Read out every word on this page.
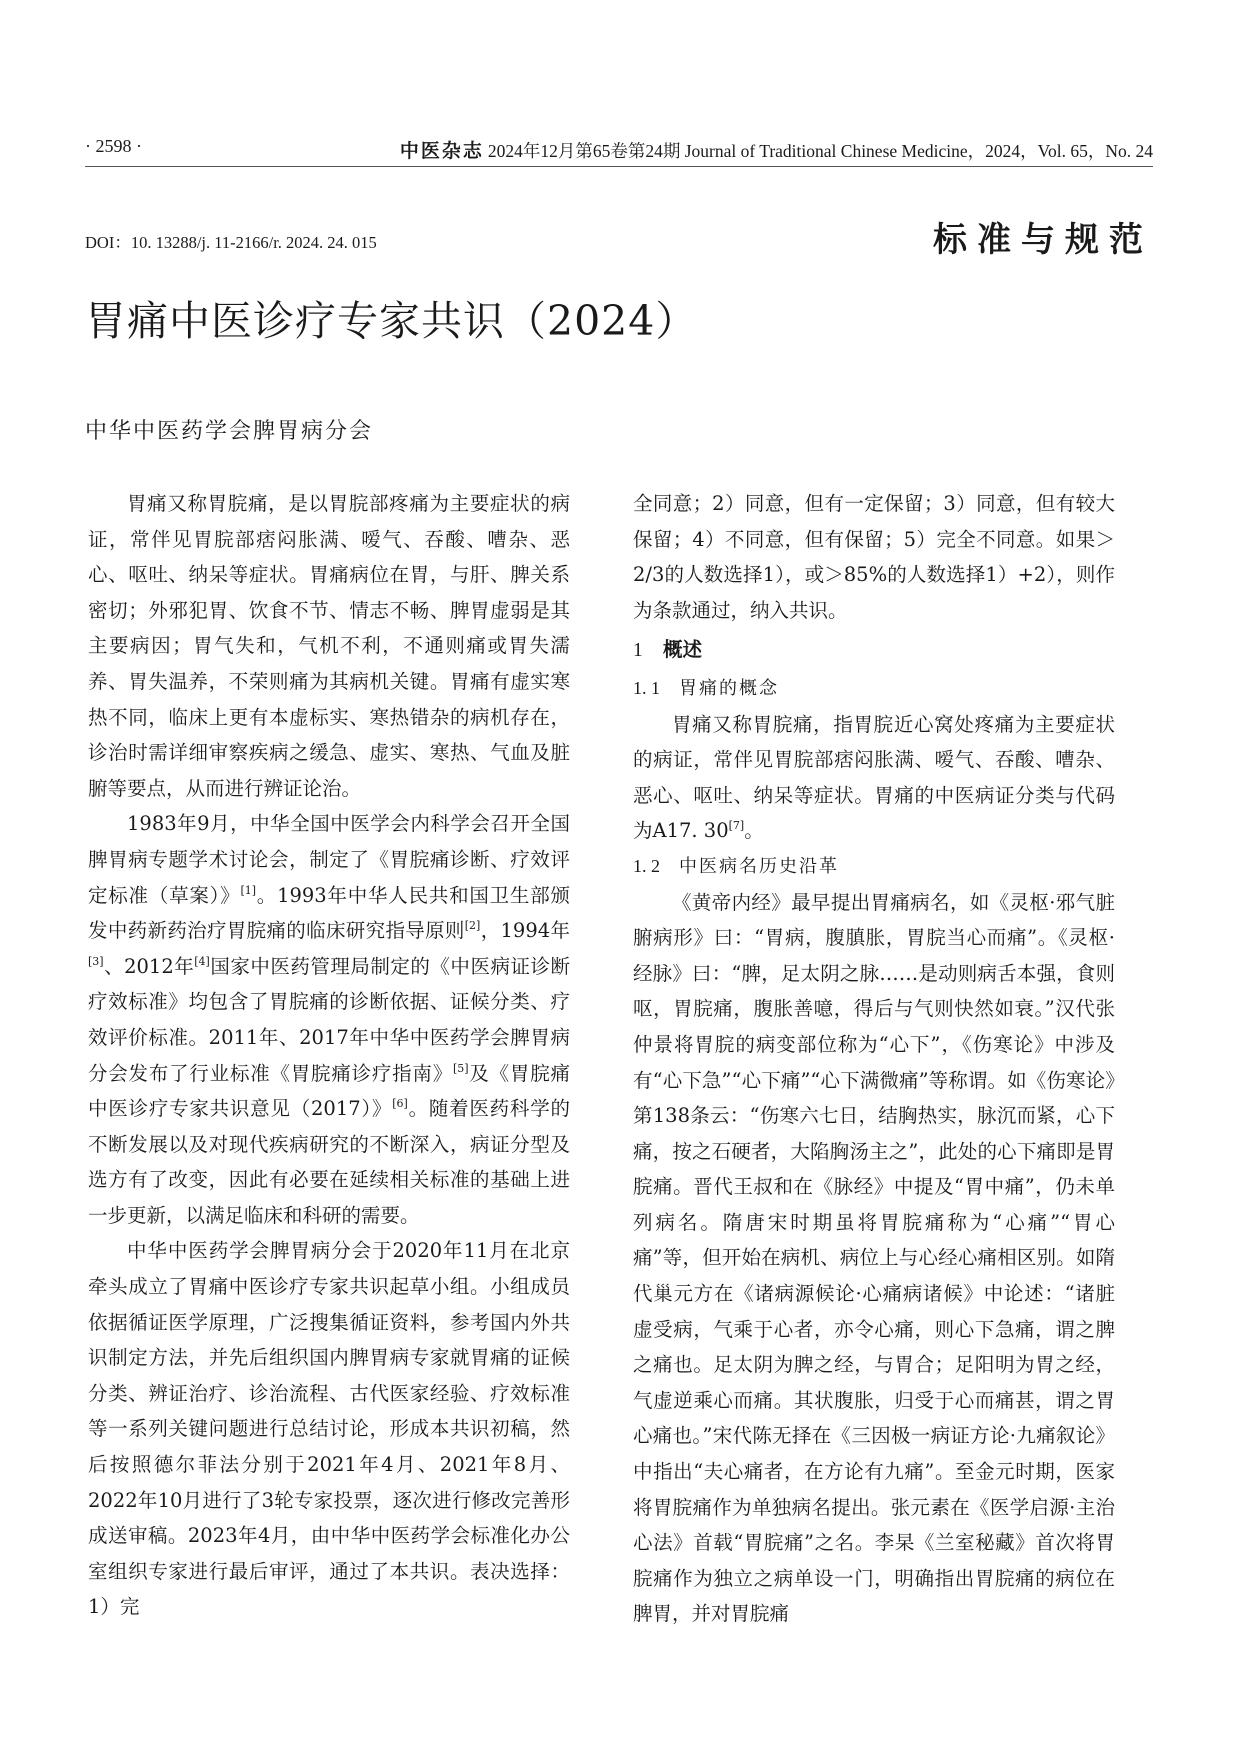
· 2598 ·	中医杂志 2024年12月第65卷第24期 Journal of Traditional Chinese Medicine，2024，Vol. 65，No. 24
DOI：10. 13288/j. 11-2166/r. 2024. 24. 015	标准与规范
胃痛中医诊疗专家共识（2024）
中华中医药学会脾胃病分会

胃痛又称胃脘痛，是以胃脘部疼痛为主要症状的病证，常伴见胃脘部痞闷胀满、嗳气、吞酸、嘈杂、恶心、呕吐、纳呆等症状。胃痛病位在胃，与肝、脾关系密切；外邪犯胃、饮食不节、情志不畅、脾胃虚弱是其主要病因；胃气失和，气机不利，不通则痛或胃失濡养、胃失温养，不荣则痛为其病机关键。胃痛有虚实寒热不同，临床上更有本虚标实、寒热错杂的病机存在，诊治时需详细审察疾病之缓急、虚实、寒热、气血及脏腑等要点，从而进行辨证论治。

1983年9月，中华全国中医学会内科学会召开全国脾胃病专题学术讨论会，制定了《胃脘痛诊断、疗效评定标准（草案）》[1]。1993年中华人民共和国卫生部颁发中药新药治疗胃脘痛的临床研究指导原则[2]，1994年[3]、2012年[4]国家中医药管理局制定的《中医病证诊断疗效标准》均包含了胃脘痛的诊断依据、证候分类、疗效评价标准。2011年、2017年中华中医药学会脾胃病分会发布了行业标准《胃脘痛诊疗指南》[5]及《胃脘痛中医诊疗专家共识意见（2017）》[6]。随着医药科学的不断发展以及对现代疾病研究的不断深入，病证分型及选方有了改变，因此有必要在延续相关标准的基础上进一步更新，以满足临床和科研的需要。

中华中医药学会脾胃病分会于2020年11月在北京牵头成立了胃痛中医诊疗专家共识起草小组。小组成员依据循证医学原理，广泛搜集循证资料，参考国内外共识制定方法，并先后组织国内脾胃病专家就胃痛的证候分类、辨证治疗、诊治流程、古代医家经验、疗效标准等一系列关键问题进行总结讨论，形成本共识初稿，然后按照德尔菲法分别于2021年4月、2021年8月、2022年10月进行了3轮专家投票，逐次进行修改完善形成送审稿。2023年4月，由中华中医药学会标准化办公室组织专家进行最后审评，通过了本共识。表决选择：1）完

全同意；2）同意，但有一定保留；3）同意，但有较大保留；4）不同意，但有保留；5）完全不同意。如果＞2/3的人数选择1），或＞85%的人数选择1）+2），则作为条款通过，纳入共识。

1 概述
1. 1 胃痛的概念

胃痛又称胃脘痛，指胃脘近心窝处疼痛为主要症状的病证，常伴见胃脘部痞闷胀满、嗳气、吞酸、嘈杂、恶心、呕吐、纳呆等症状。胃痛的中医病证分类与代码为A17. 30[7]。

1. 2 中医病名历史沿革

《黄帝内经》最早提出胃痛病名，如《灵枢·邪气脏腑病形》曰：“胃病，腹䐜胀，胃脘当心而痛”。《灵枢·经脉》曰：“脾，足太阴之脉……是动则病舌本强，食则呕，胃脘痛，腹胀善噫，得后与气则快然如衰。”汉代张仲景将胃脘的病变部位称为“心下”，《伤寒论》中涉及有“心下急”“心下痛”“心下满微痛”等称谓。如《伤寒论》第138条云：“伤寒六七日，结胸热实，脉沉而紧，心下痛，按之石硬者，大陷胸汤主之”，此处的心下痛即是胃脘痛。晋代王叔和在《脉经》中提及“胃中痛”，仍未单列病名。隋唐宋时期虽将胃脘痛称为“心痛”“胃心痛”等，但开始在病机、病位上与心经心痛相区别。如隋代巢元方在《诸病源候论·心痛病诸候》中论述：“诸脏虚受病，气乘于心者，亦令心痛，则心下急痛，谓之脾之痛也。足太阴为脾之经，与胃合；足阳明为胃之经，气虚逆乘心而痛。其状腹胀，归受于心而痛甚，谓之胃心痛也。”宋代陈无择在《三因极一病证方论·九痛叙论》中指出“夫心痛者，在方论有九痛”。至金元时期，医家将胃脘痛作为单独病名提出。张元素在《医学启源·主治心法》首载“胃脘痛”之名。李杲《兰室秘藏》首次将胃脘痛作为独立之病单设一门，明确指出胃脘痛的病位在脾胃，并对胃脘痛
